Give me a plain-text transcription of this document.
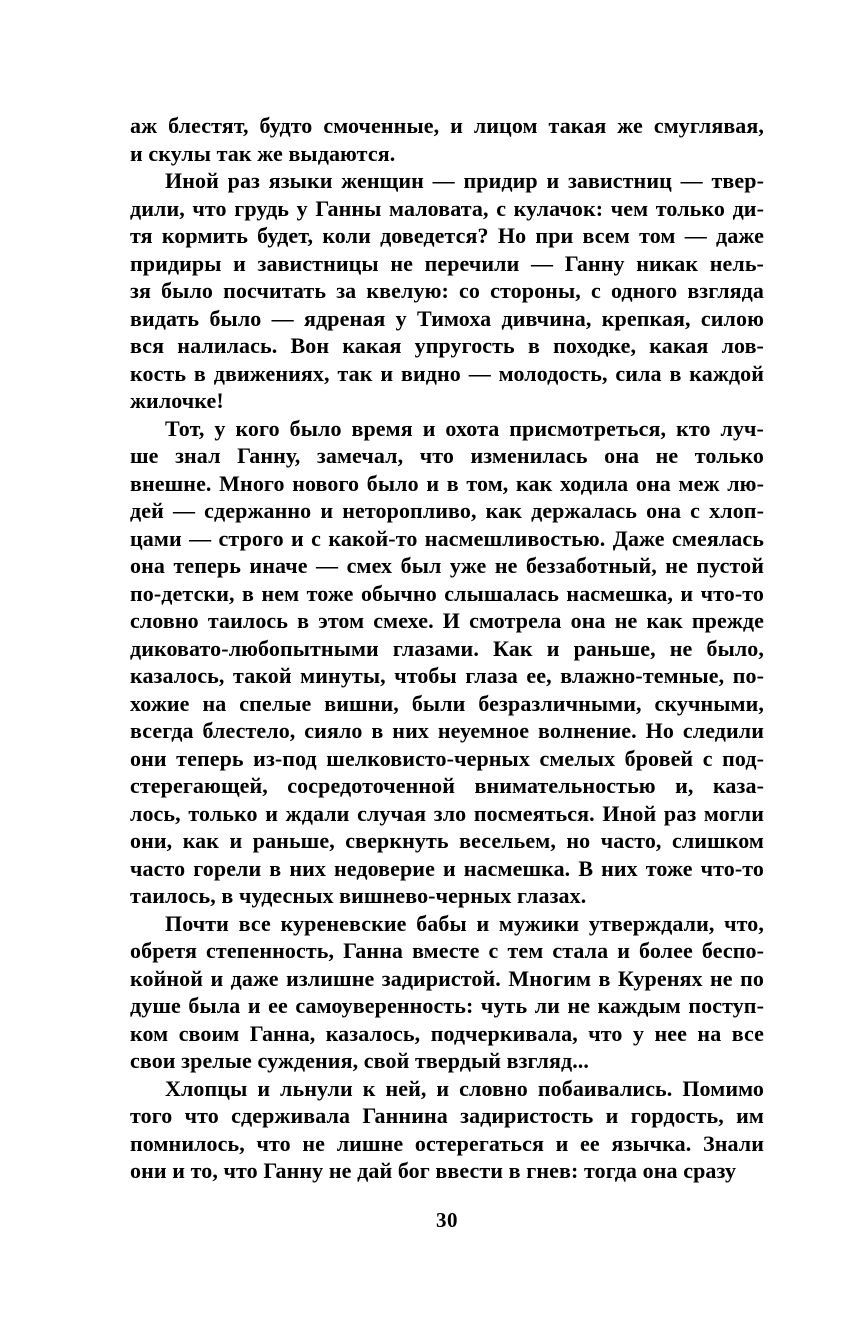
аж блестят, будто смоченные, и лицом такая же смуглявая,
и скулы так же выдаются.

Иной раз языки женщин — придир и завистниц — твер-
дили, что грудь у Ганны маловата, с кулачок: чем только ди-
тя кормить будет, коли доведется? Но при всем том — даже
придиры и завистницы не перечили — Ганну никак нель-
зя было посчитать за квелую: со стороны, с одного взгляда
видать было — ядреная у Тимоха дивчина, крепкая, силою
вся налилась. Вон какая упругость в походке, какая лов-
кость в движениях, так и видно — молодость, сила в каждой
жилочке!

Тот, у кого было время и охота присмотреться, кто луч-
ше знал Ганну, замечал, что изменилась она не только
внешне. Много нового было и в том, как ходила она меж лю-
дей — сдержанно и неторопливо, как держалась она с хлоп-
цами — строго и с какой-то насмешливостью. Даже смеялась
она теперь иначе — смех был уже не беззаботный, не пустой
по-детски, в нем тоже обычно слышалась насмешка, и что-то
словно таилось в этом смехе. И смотрела она не как прежде
диковато-любопытными глазами. Как и раньше, не было,
казалось, такой минуты, чтобы глаза ее, влажно-темные, по-
хожие на спелые вишни, были безразличными, скучными,
всегда блестело, сияло в них неуемное волнение. Но следили
они теперь из-под шелковисто-черных смелых бровей с под-
стерегающей, сосредоточенной внимательностью и, каза-
лось, только и ждали случая зло посмеяться. Иной раз могли
они, как и раньше, сверкнуть весельем, но часто, слишком
часто горели в них недоверие и насмешка. В них тоже что-то
таилось, в чудесных вишнево-черных глазах.

Почти все куреневские бабы и мужики утверждали, что,
обретя степенность, Ганна вместе с тем стала и более беспо-
койной и даже излишне задиристой. Многим в Куренях не по
душе была и ее самоуверенность: чуть ли не каждым поступ-
ком своим Ганна, казалось, подчеркивала, что у нее на все
свои зрелые суждения, свой твердый взгляд...

Хлопцы и льнули к ней, и словно побаивались. Помимо
того что сдерживала Ганнина задиристость и гордость, им
помнилось, что не лишне остерегаться и ее язычка. Знали
они и то, что Ганну не дай бог ввести в гнев: тогда она сразу

30
